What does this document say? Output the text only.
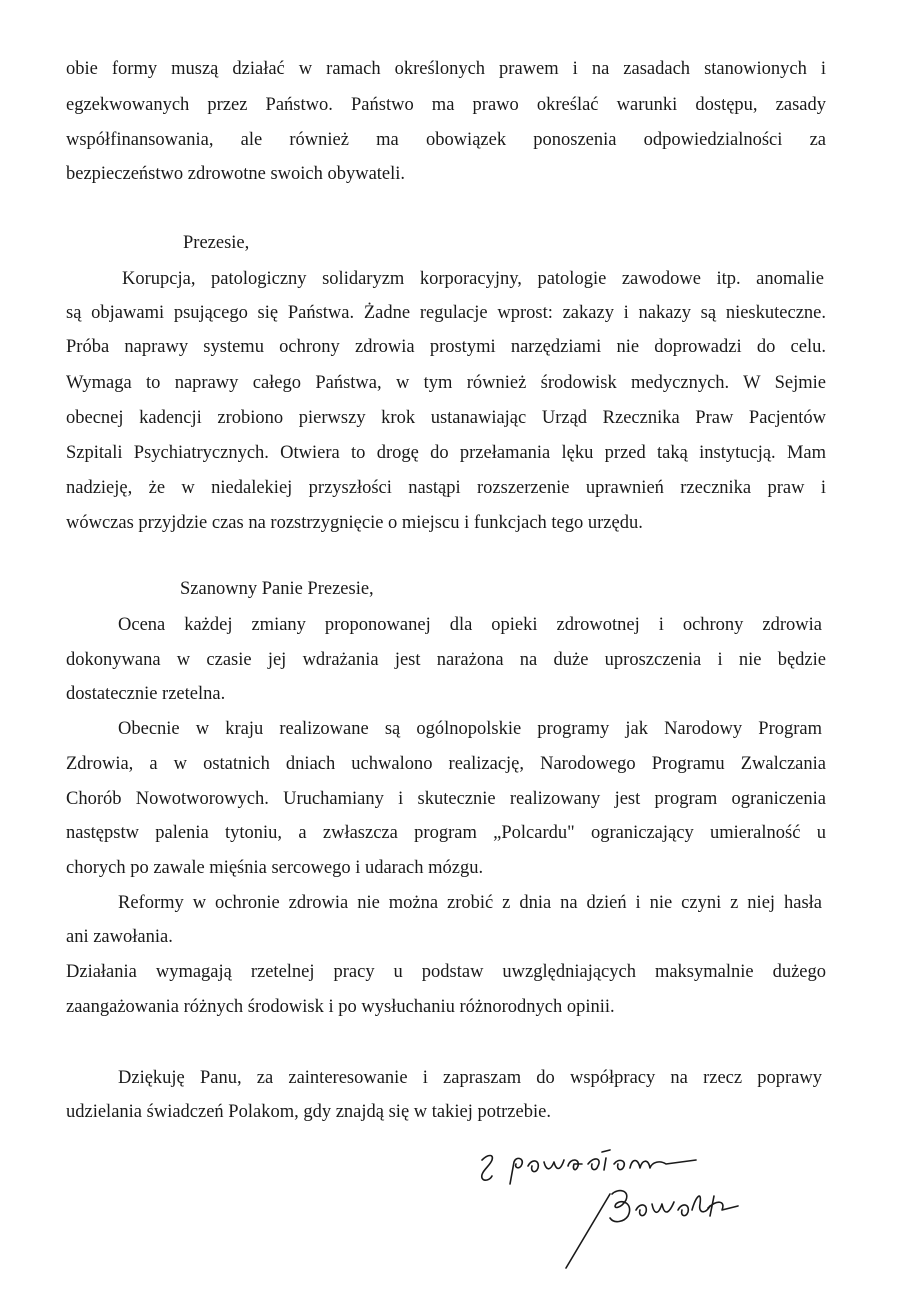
obie formy muszą działać w ramach określonych prawem i na zasadach stanowionych i
egzekwowanych przez Państwo. Państwo ma prawo określać warunki dostępu, zasady
współfinansowania, ale również ma obowiązek ponoszenia odpowiedzialności za
bezpieczeństwo zdrowotne swoich obywateli.
Prezesie,
Korupcja, patologiczny solidaryzm korporacyjny, patologie zawodowe itp. anomalie
są objawami psującego się Państwa. Żadne regulacje wprost: zakazy i nakazy są nieskuteczne.
Próba naprawy systemu ochrony zdrowia prostymi narzędziami nie doprowadzi do celu.
Wymaga to naprawy całego Państwa, w tym również środowisk medycznych. W Sejmie
obecnej kadencji zrobiono pierwszy krok ustanawiając Urząd Rzecznika Praw Pacjentów
Szpitali Psychiatrycznych. Otwiera to drogę do przełamania lęku przed taką instytucją. Mam
nadzieję, że w niedalekiej przyszłości nastąpi rozszerzenie uprawnień rzecznika praw i
wówczas przyjdzie czas na rozstrzygnięcie o miejscu i funkcjach tego urzędu.
Szanowny Panie Prezesie,
Ocena każdej zmiany proponowanej dla opieki zdrowotnej i ochrony zdrowia
dokonywana w czasie jej wdrażania jest narażona na duże uproszczenia i nie będzie
dostatecznie rzetelna.
Obecnie w kraju realizowane są ogólnopolskie programy jak Narodowy Program
Zdrowia, a w ostatnich dniach uchwalono realizację, Narodowego Programu Zwalczania
Chorób Nowotworowych. Uruchamiany i skutecznie realizowany jest program ograniczenia
następstw palenia tytoniu, a zwłaszcza program „Polcardu" ograniczający umieralność u
chorych po zawale mięśnia sercowego i udarach mózgu.
Reformy w ochronie zdrowia nie można zrobić z dnia na dzień i nie czyni z niej hasła
ani zawołania.
Działania wymagają rzetelnej pracy u podstaw uwzględniających maksymalnie dużego
zaangażowania różnych środowisk i po wysłuchaniu różnorodnych opinii.
Dziękuję Panu, za zainteresowanie i zapraszam do współpracy na rzecz poprawy
udzielania świadczeń Polakom, gdy znajdą się w takiej potrzebie.
